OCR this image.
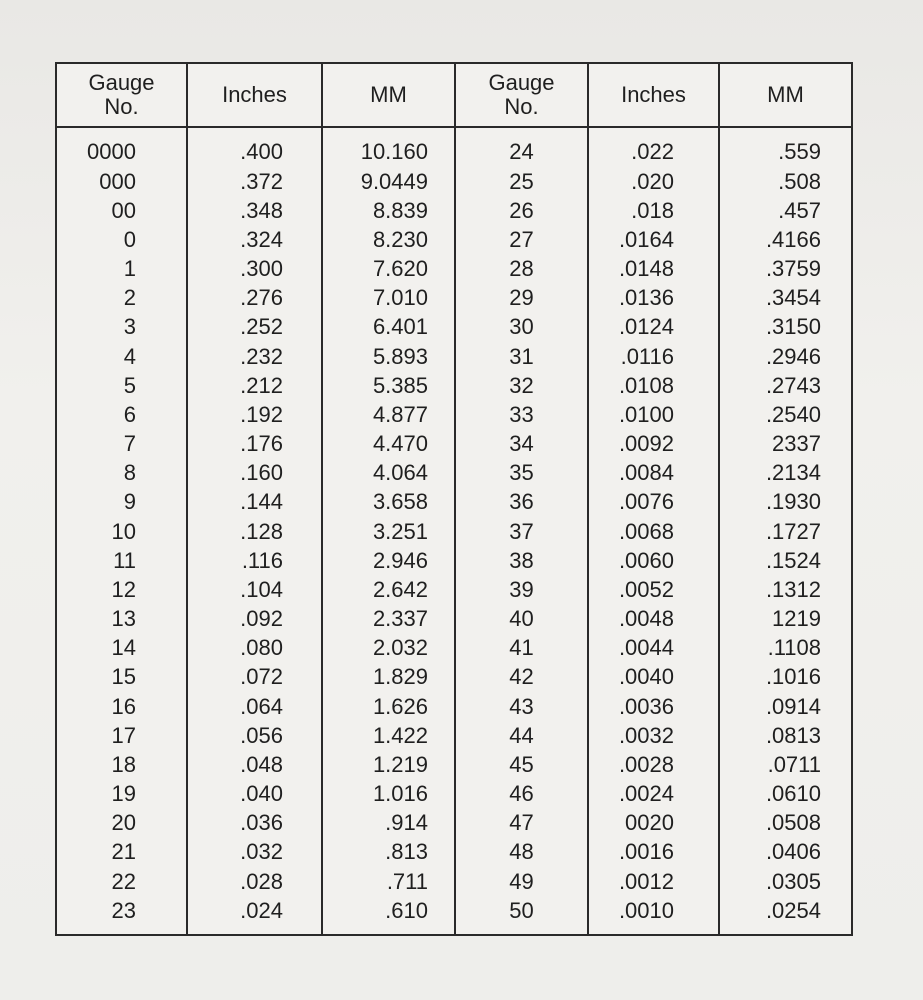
Gauge No.	Inches	MM	Gauge No.	Inches	MM
0000	.400	10.160	24	.022	.559
000	.372	9.0449	25	.020	.508
00	.348	8.839	26	.018	.457
0	.324	8.230	27	.0164	.4166
1	.300	7.620	28	.0148	.3759
2	.276	7.010	29	.0136	.3454
3	.252	6.401	30	.0124	.3150
4	.232	5.893	31	.0116	.2946
5	.212	5.385	32	.0108	.2743
6	.192	4.877	33	.0100	.2540
7	.176	4.470	34	.0092	2337
8	.160	4.064	35	.0084	.2134
9	.144	3.658	36	.0076	.1930
10	.128	3.251	37	.0068	.1727
11	.116	2.946	38	.0060	.1524
12	.104	2.642	39	.0052	.1312
13	.092	2.337	40	.0048	1219
14	.080	2.032	41	.0044	.1108
15	.072	1.829	42	.0040	.1016
16	.064	1.626	43	.0036	.0914
17	.056	1.422	44	.0032	.0813
18	.048	1.219	45	.0028	.0711
19	.040	1.016	46	.0024	.0610
20	.036	.914	47	0020	.0508
21	.032	.813	48	.0016	.0406
22	.028	.711	49	.0012	.0305
23	.024	.610	50	.0010	.0254
